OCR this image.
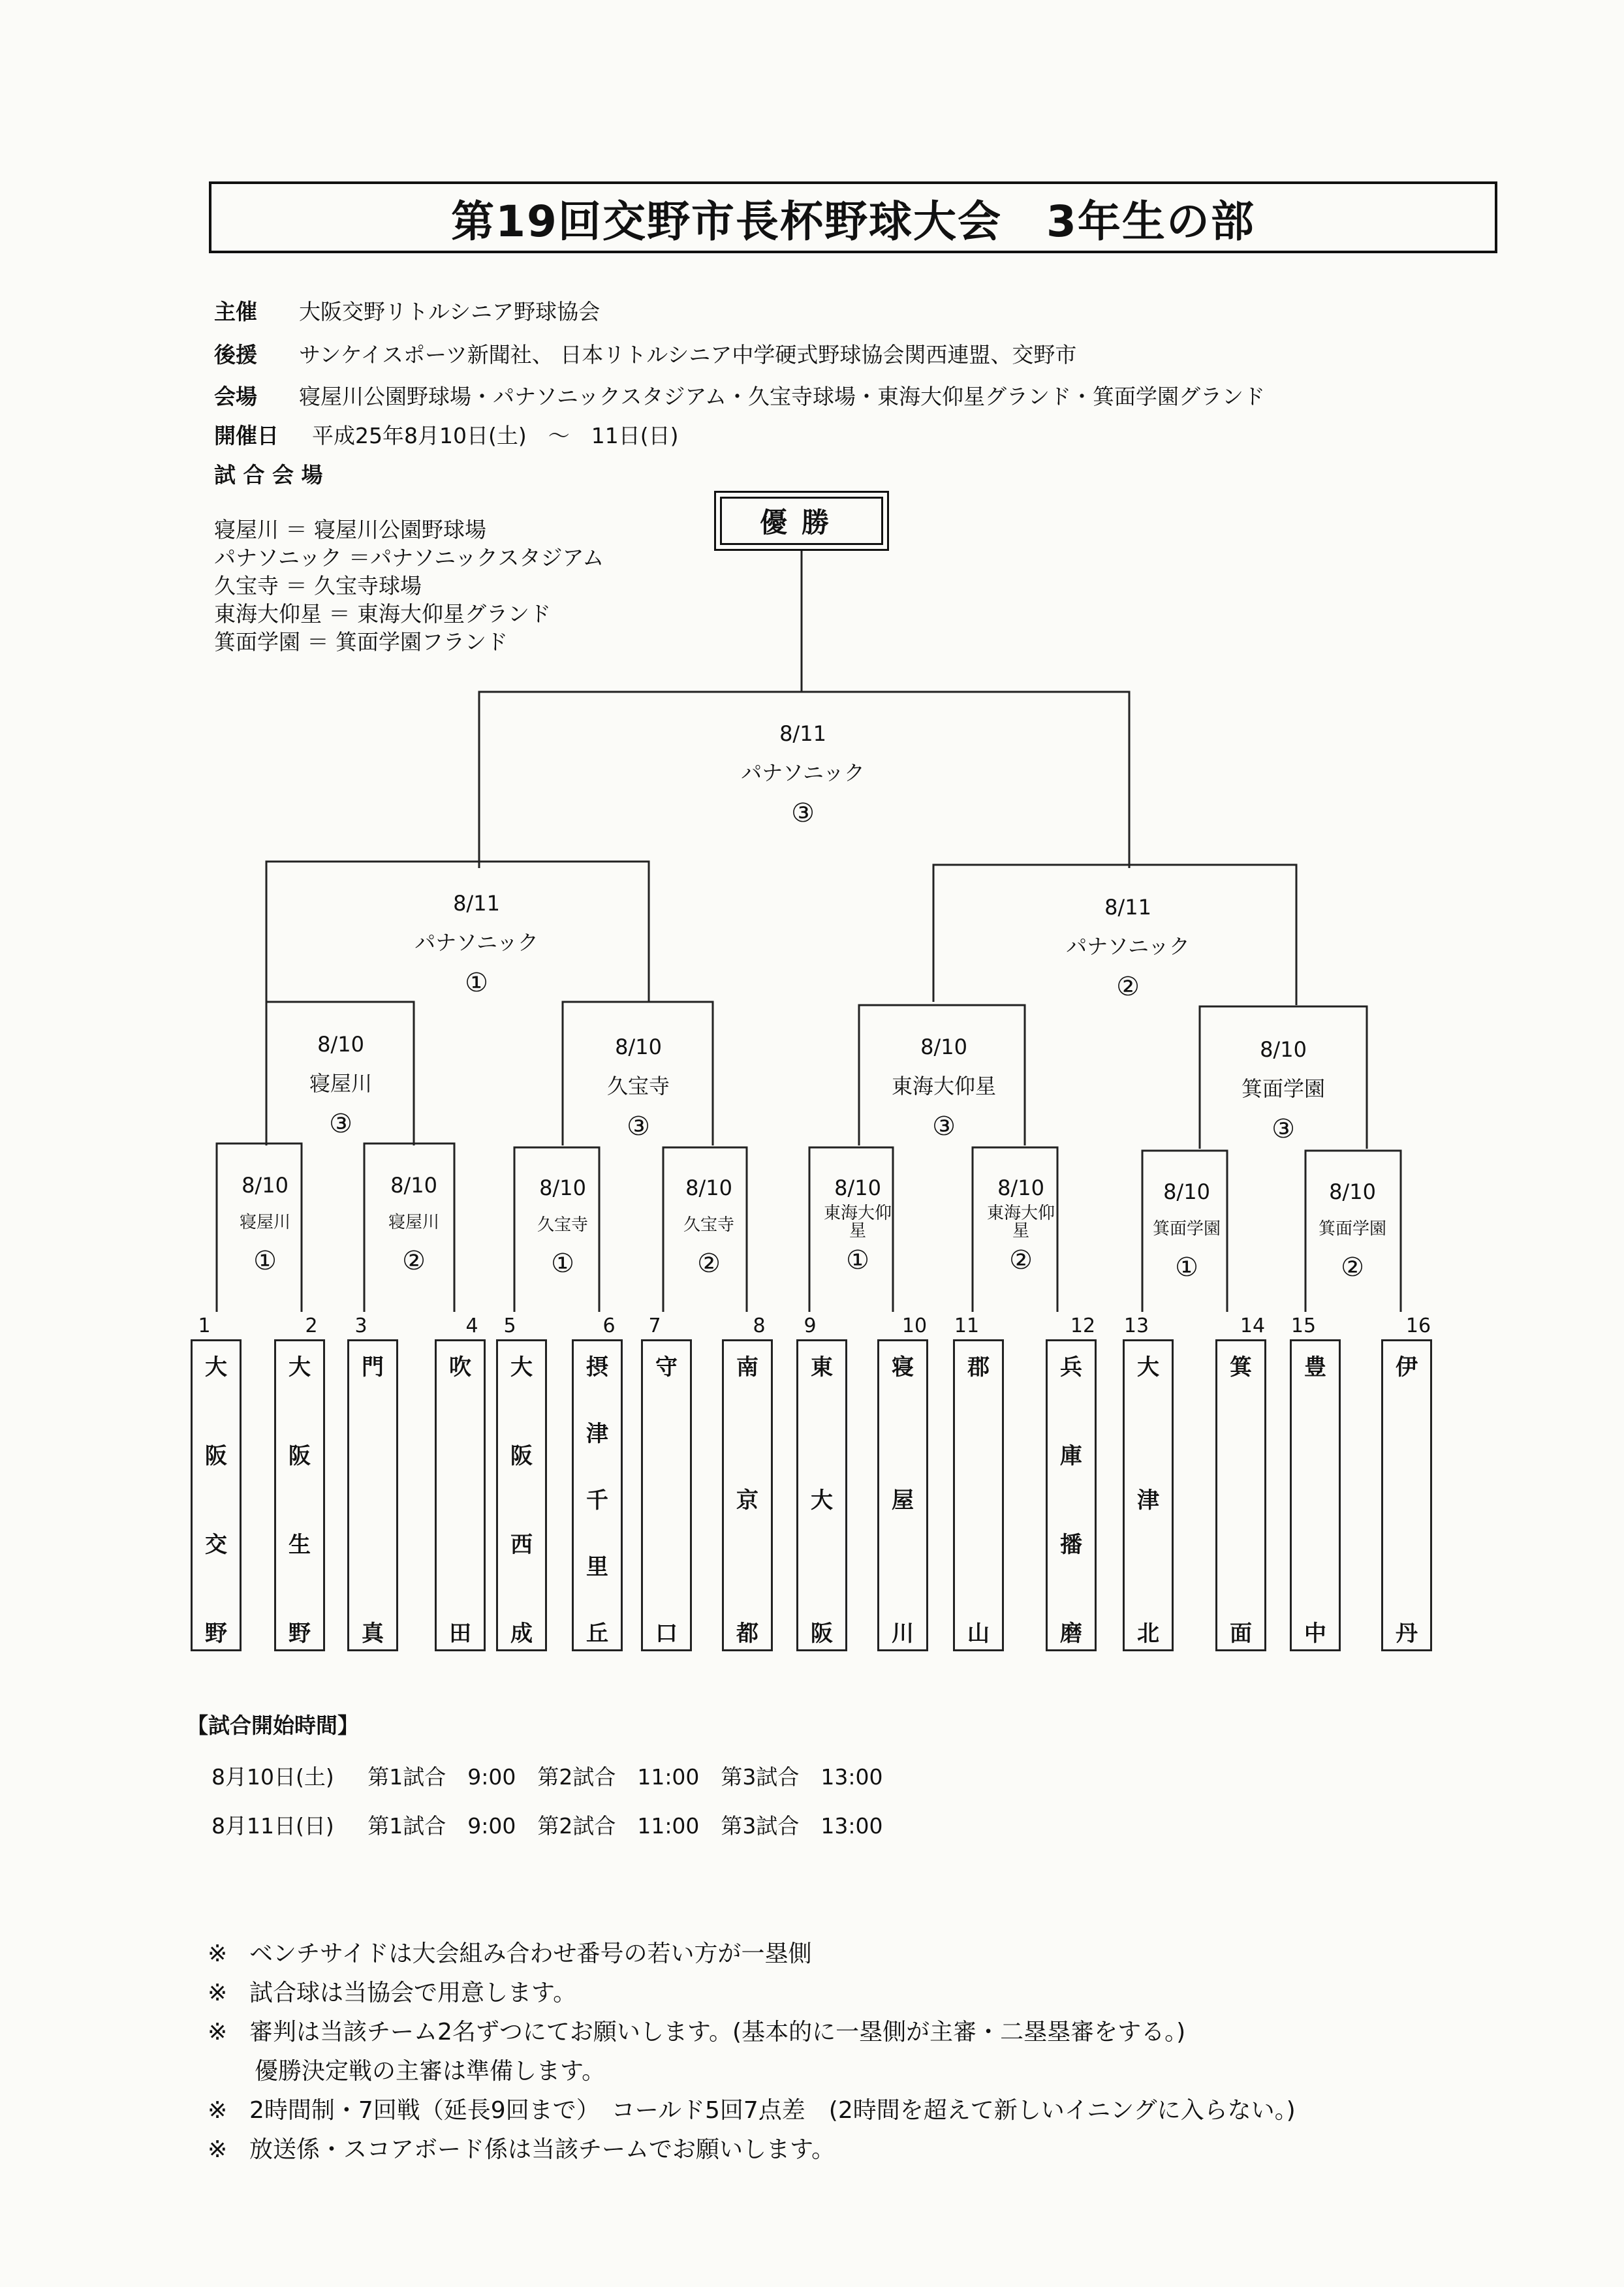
第19回交野市長杯野球大会　3年生の部
主催 大阪交野リトルシニア野球協会
後援 サンケイスポーツ新聞社、 日本リトルシニア中学硬式野球協会関西連盟、交野市
会場 寝屋川公園野球場・パナソニックスタジアム・久宝寺球場・東海大仰星グランド・箕面学園グランド
開催日 平成25年8月10日(土)　～　11日(日)
試 合 会 場
寝屋川 ＝ 寝屋川公園野球場
パナソニック ＝パナソニックスタジアム
久宝寺 ＝ 久宝寺球場
東海大仰星 ＝ 東海大仰星グランド
箕面学園 ＝ 箕面学園フランド
優勝
8/11
パナソニック
③
8/11
パナソニック
①
8/11
パナソニック
②
8/10
寝屋川
③
8/10
久宝寺
③
8/10
東海大仰星
③
8/10
箕面学園
③
8/10
寝屋川
①
8/10
寝屋川
②
8/10
久宝寺
①
8/10
久宝寺
②
8/10
東海大仰星
①
8/10
東海大仰星
②
8/10
箕面学園
①
8/10
箕面学園
②
1
大
阪
交
野
2
大
阪
生
野
3
門
真
4
吹
田
5
大
阪
西
成
6
摂
津
千
里
丘
7
守
口
8
南
京
都
9
東
大
阪
10
寝
屋
川
11
郡
山
12
兵
庫
播
磨
13
大
津
北
14
箕
面
15
豊
中
16
伊
丹
【試合開始時間】
8月10日(土)　 第1試合　9:00　第2試合　11:00　第3試合　13:00
8月11日(日)　 第1試合　9:00　第2試合　11:00　第3試合　13:00
※ ベンチサイドは大会組み合わせ番号の若い方が一塁側
※ 試合球は当協会で用意します。
※ 審判は当該チーム2名ずつにてお願いします。(基本的に一塁側が主審・二塁塁審をする。)
優勝決定戦の主審は準備します。
※ 2時間制・7回戦（延長9回まで）　コールド5回7点差　(2時間を超えて新しいイニングに入らない。)
※ 放送係・スコアボード係は当該チームでお願いします。
